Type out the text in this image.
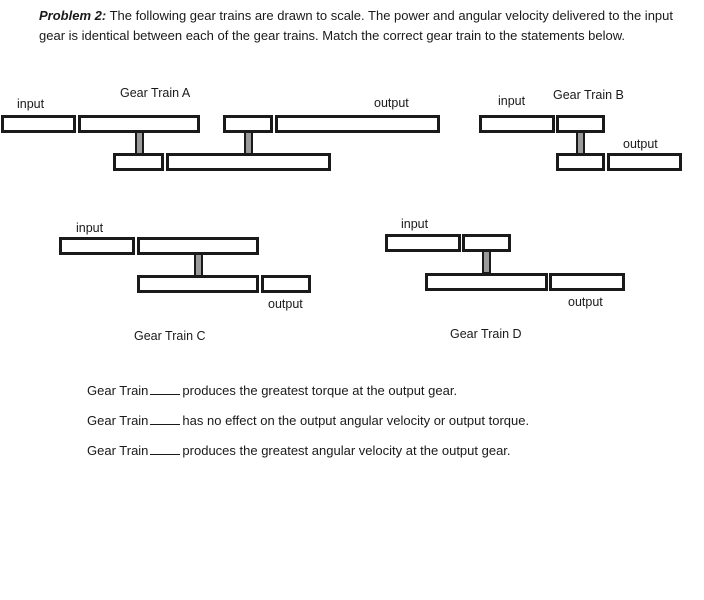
Problem 2: The following gear trains are drawn to scale. The power and angular velocity delivered to the input gear is identical between each of the gear trains. Match the correct gear train to the statements below.

Gear Train A
input	output
Gear Train B
input
output
input
output
Gear Train C
input
output
Gear Train D
Gear Train	produces the greatest torque at the output gear.
Gear Train	has no effect on the output angular velocity or output torque.
Gear Train	produces the greatest angular velocity at the output gear.
